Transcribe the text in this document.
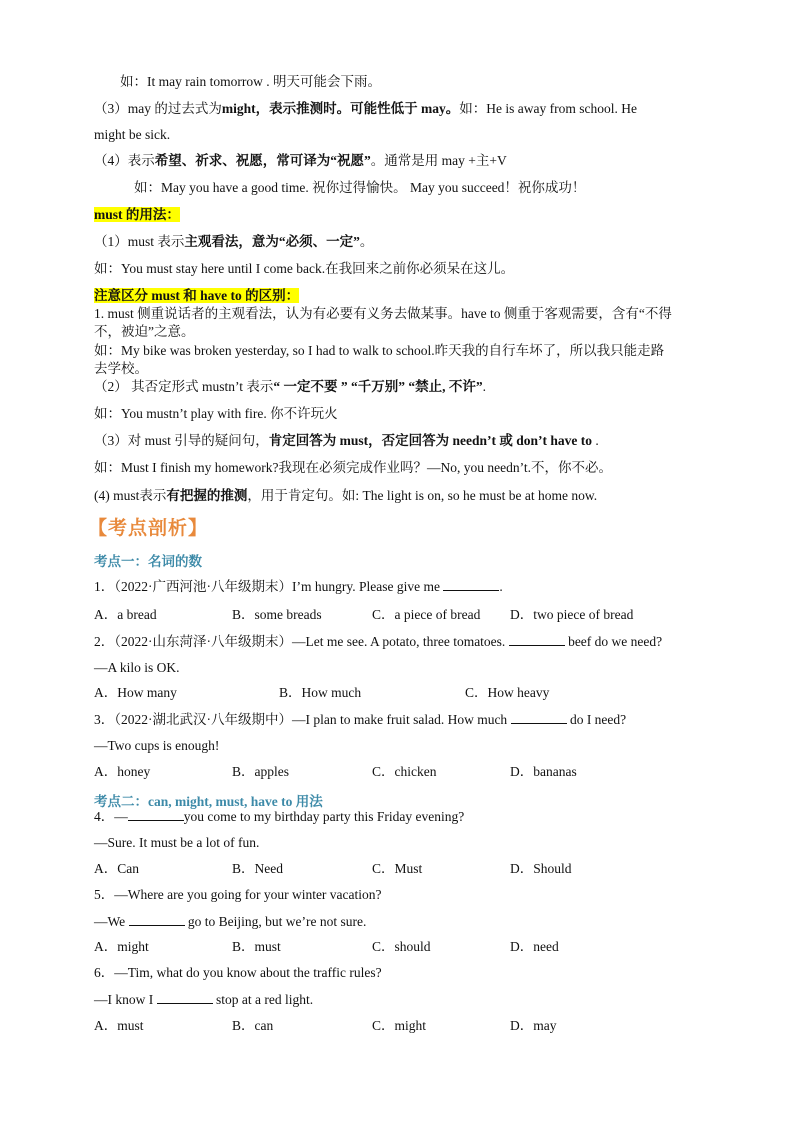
如：It may rain tomorrow . 明天可能会下雨。
（3）may 的过去式为might，表示推测时。可能性低于 may。如：He is away from school. He
might be sick.
（4）表示希望、祈求、祝愿，常可译为“祝愿”。通常是用 may +主+V
如：May you have a good time. 祝你过得愉快。 May you succeed！祝你成功！
must 的用法：
（1）must 表示主观看法，意为“必须、一定”。
如：You must stay here until I come back.在我回来之前你必须呆在这儿。
注意区分 must 和 have to 的区别：
1. must 侧重说话者的主观看法，认为有必要有义务去做某事。have to 侧重于客观需要，含有“不得
不，被迫”之意。
如：My bike was broken yesterday, so I had to walk to school.昨天我的自行车坏了，所以我只能走路
去学校。
（2） 其否定形式 mustn’t 表示“ 一定不要 ” “千万别” “禁止, 不许”.
如：You mustn’t play with fire. 你不许玩火
（3）对 must 引导的疑问句，肯定回答为 must，否定回答为 needn’t 或 don’t have to .
如：Must I finish my homework?我现在必须完成作业吗？—No, you needn’t.不，你不必。
(4) must表示有把握的推测，用于肯定句。如: The light is on, so he must be at home now.
【考点剖析】
考点一：名词的数
1．（2022·广西河池·八年级期末）I’m hungry. Please give me	.
A．a bread	B．some breads	C．a piece of bread D．two piece of bread
2．（2022·山东菏泽·八年级期末）—Let me see. A potato, three tomatoes.	beef do we need?
—A kilo is OK.
A．How many	B．How much	C．How heavy
3．（2022·湖北武汉·八年级期中）—I plan to make fruit salad. How much	do I need?
—Two cups is enough!
A．honey	B．apples	C．chicken	D．bananas
考点二：can, might, must, have to 用法
4．—	you come to my birthday party this Friday evening?
—Sure. It must be a lot of fun.
A．Can	B．Need	C．Must	D．Should
5．—Where are you going for your winter vacation?
—We	go to Beijing, but we’re not sure.
A．might	B．must	C．should	D．need
6．—Tim, what do you know about the traffic rules?
—I know I	stop at a red light.
A．must	B．can	C．might	D．may
